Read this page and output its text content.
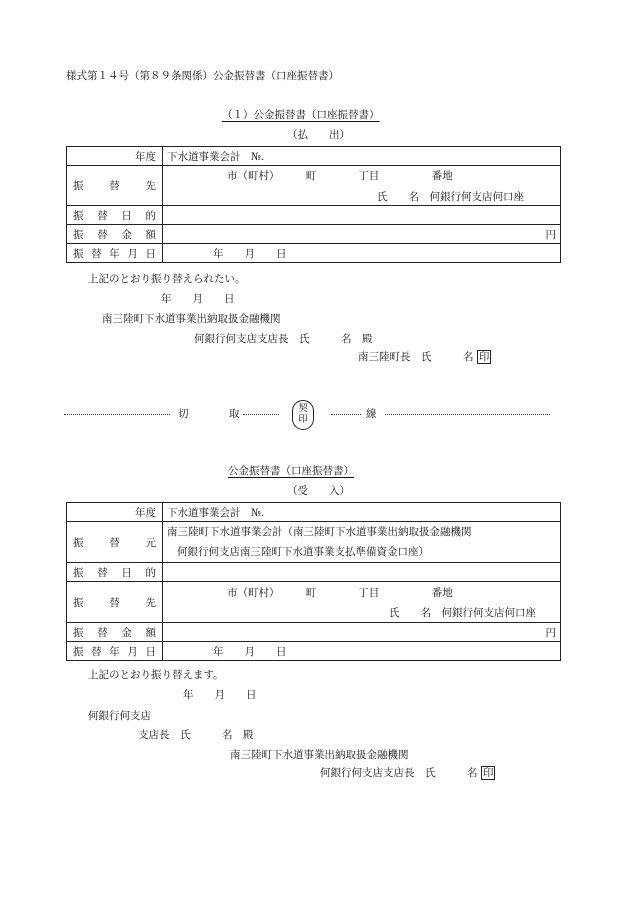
様式第１４号（第８９条関係）公金振替書（口座振替書）
（１）公金振替書（口座振替書）
（払　　出）
年度	下水道事業会計　№.
振　　替　　先	市（町村）　　　町　　　　丁目　　　　　番地
氏　　名　何銀行何支店何口座

振替日的	
振替金額	円
振替年月日	年　　月　　日
上記のとおり振り替えられたい。
年　　月　　日
南三陸町下水道事業出納取扱金融機関
何銀行何支店支店長　氏　　　名　殿
南三陸町長　氏　　　名 印
切	取	契
印	線
公金振替書（口座振替書）
（受　　入）
年度	下水道事業会計　№.
振　　替　　元	南三陸町下水道事業会計（南三陸町下水道事業出納取扱金融機関
何銀行何支店南三陸町下水道事業支払準備資金口座）

振替日的	
振　　替　　先	市（町村）　　　町　　　　丁目　　　　　番地
氏　　名　何銀行何支店何口座

振替金額	円
振替年月日	年　　月　　日
上記のとおり振り替えます。
年　　月　　日
何銀行何支店
支店長　氏　　　名　殿
南三陸町下水道事業出納取扱金融機関
何銀行何支店支店長　氏　　　名 印
